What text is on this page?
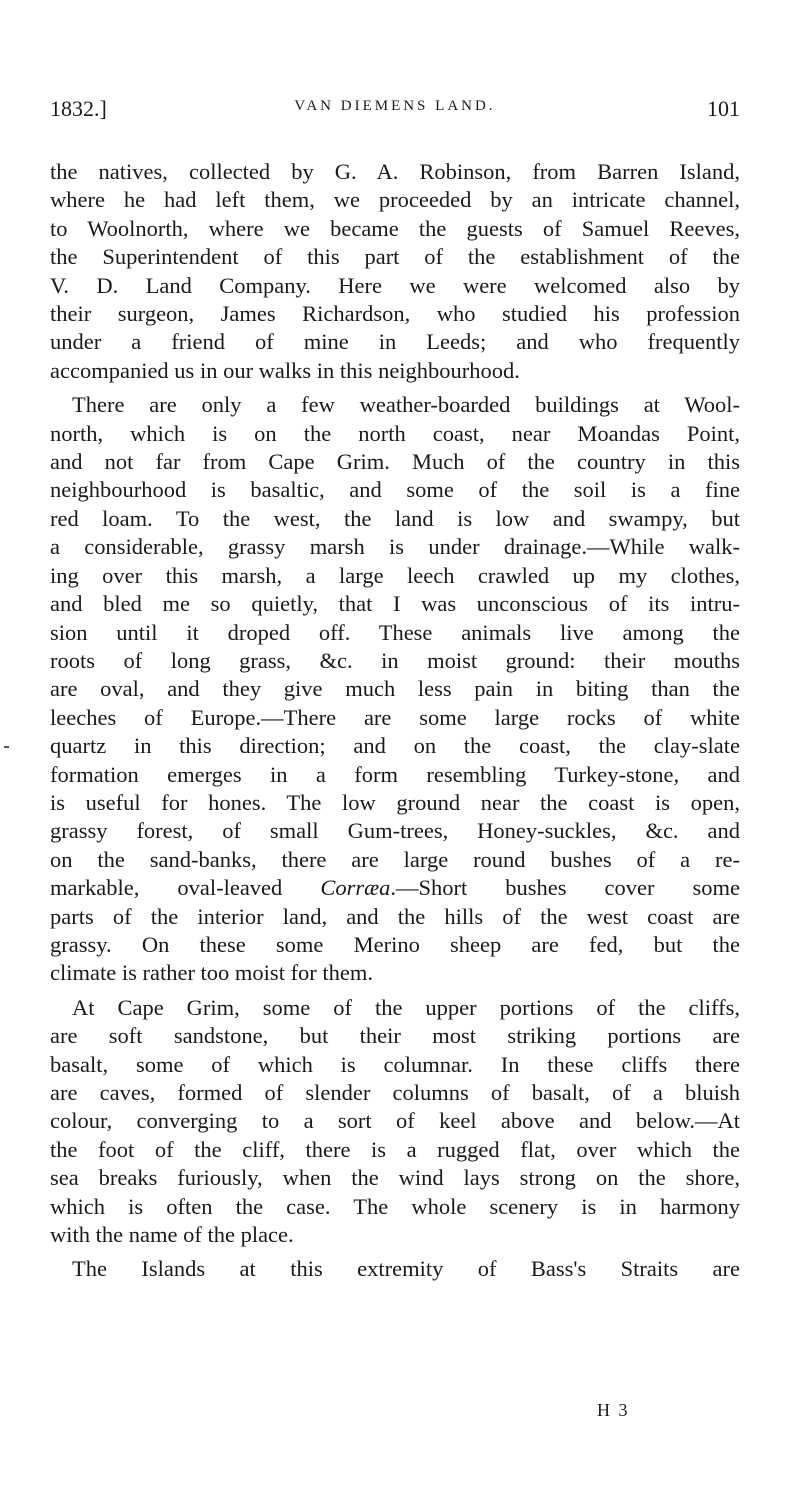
1832.]	VAN DIEMENS LAND.	101
the natives, collected by G. A. Robinson, from Barren Island,
where he had left them, we proceeded by an intricate channel,
to Woolnorth, where we became the guests of Samuel Reeves,
the Superintendent of this part of the establishment of the
V. D. Land Company. Here we were welcomed also by
their surgeon, James Richardson, who studied his profession
under a friend of mine in Leeds; and who frequently
accompanied us in our walks in this neighbourhood.
There are only a few weather-boarded buildings at Wool-
north, which is on the north coast, near Moandas Point,
and not far from Cape Grim. Much of the country in this
neighbourhood is basaltic, and some of the soil is a fine
red loam. To the west, the land is low and swampy, but
a considerable, grassy marsh is under drainage.—While walk-
ing over this marsh, a large leech crawled up my clothes,
and bled me so quietly, that I was unconscious of its intru-
sion until it droped off. These animals live among the
roots of long grass, &c. in moist ground: their mouths
are oval, and they give much less pain in biting than the
leeches of Europe.—There are some large rocks of white
quartz in this direction; and on the coast, the clay-slate
formation emerges in a form resembling Turkey-stone, and
is useful for hones. The low ground near the coast is open,
grassy forest, of small Gum-trees, Honey-suckles, &c. and
on the sand-banks, there are large round bushes of a re-
markable, oval-leaved Corræa.—Short bushes cover some
parts of the interior land, and the hills of the west coast are
grassy. On these some Merino sheep are fed, but the
climate is rather too moist for them.
At Cape Grim, some of the upper portions of the cliffs,
are soft sandstone, but their most striking portions are
basalt, some of which is columnar. In these cliffs there
are caves, formed of slender columns of basalt, of a bluish
colour, converging to a sort of keel above and below.—At
the foot of the cliff, there is a rugged flat, over which the
sea breaks furiously, when the wind lays strong on the shore,
which is often the case. The whole scenery is in harmony
with the name of the place.
The Islands at this extremity of Bass's Straits are
H 3
